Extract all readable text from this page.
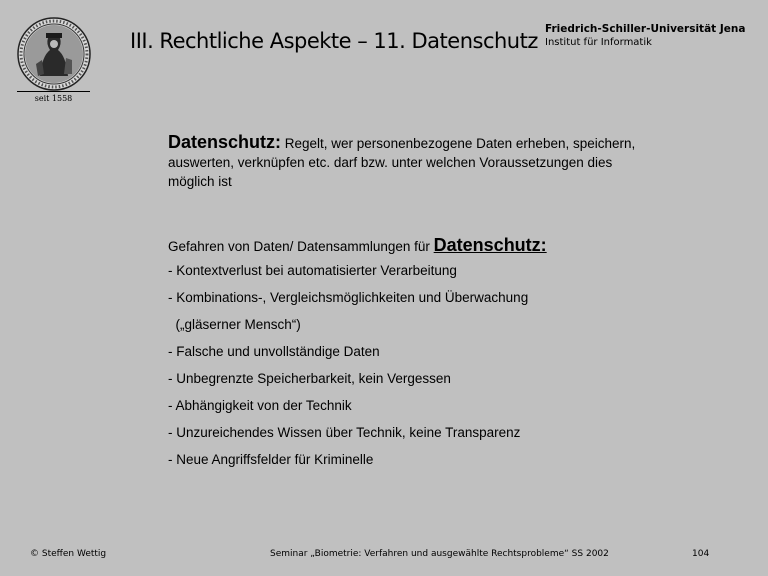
seit 1558
III. Rechtliche Aspekte – 11. Datenschutz Friedrich-Schiller-Universität Jena
Institut für Informatik

Datenschutz: Regelt, wer personenbezogene Daten erheben, speichern, auswerten, verknüpfen etc. darf bzw. unter welchen Voraussetzungen dies möglich ist

Gefahren von Daten/ Datensammlungen für Datenschutz:

- Kontextverlust bei automatisierter Verarbeitung
- Kombinations-, Vergleichsmöglichkeiten und Überwachung
(„gläserner Mensch“)
- Falsche und unvollständige Daten
- Unbegrenzte Speicherbarkeit, kein Vergessen
- Abhängigkeit von der Technik
- Unzureichendes Wissen über Technik, keine Transparenz
- Neue Angriffsfelder für Kriminelle
© Steffen Wettig	Seminar „Biometrie: Verfahren und ausgewählte Rechtsprobleme“ SS 2002	104
